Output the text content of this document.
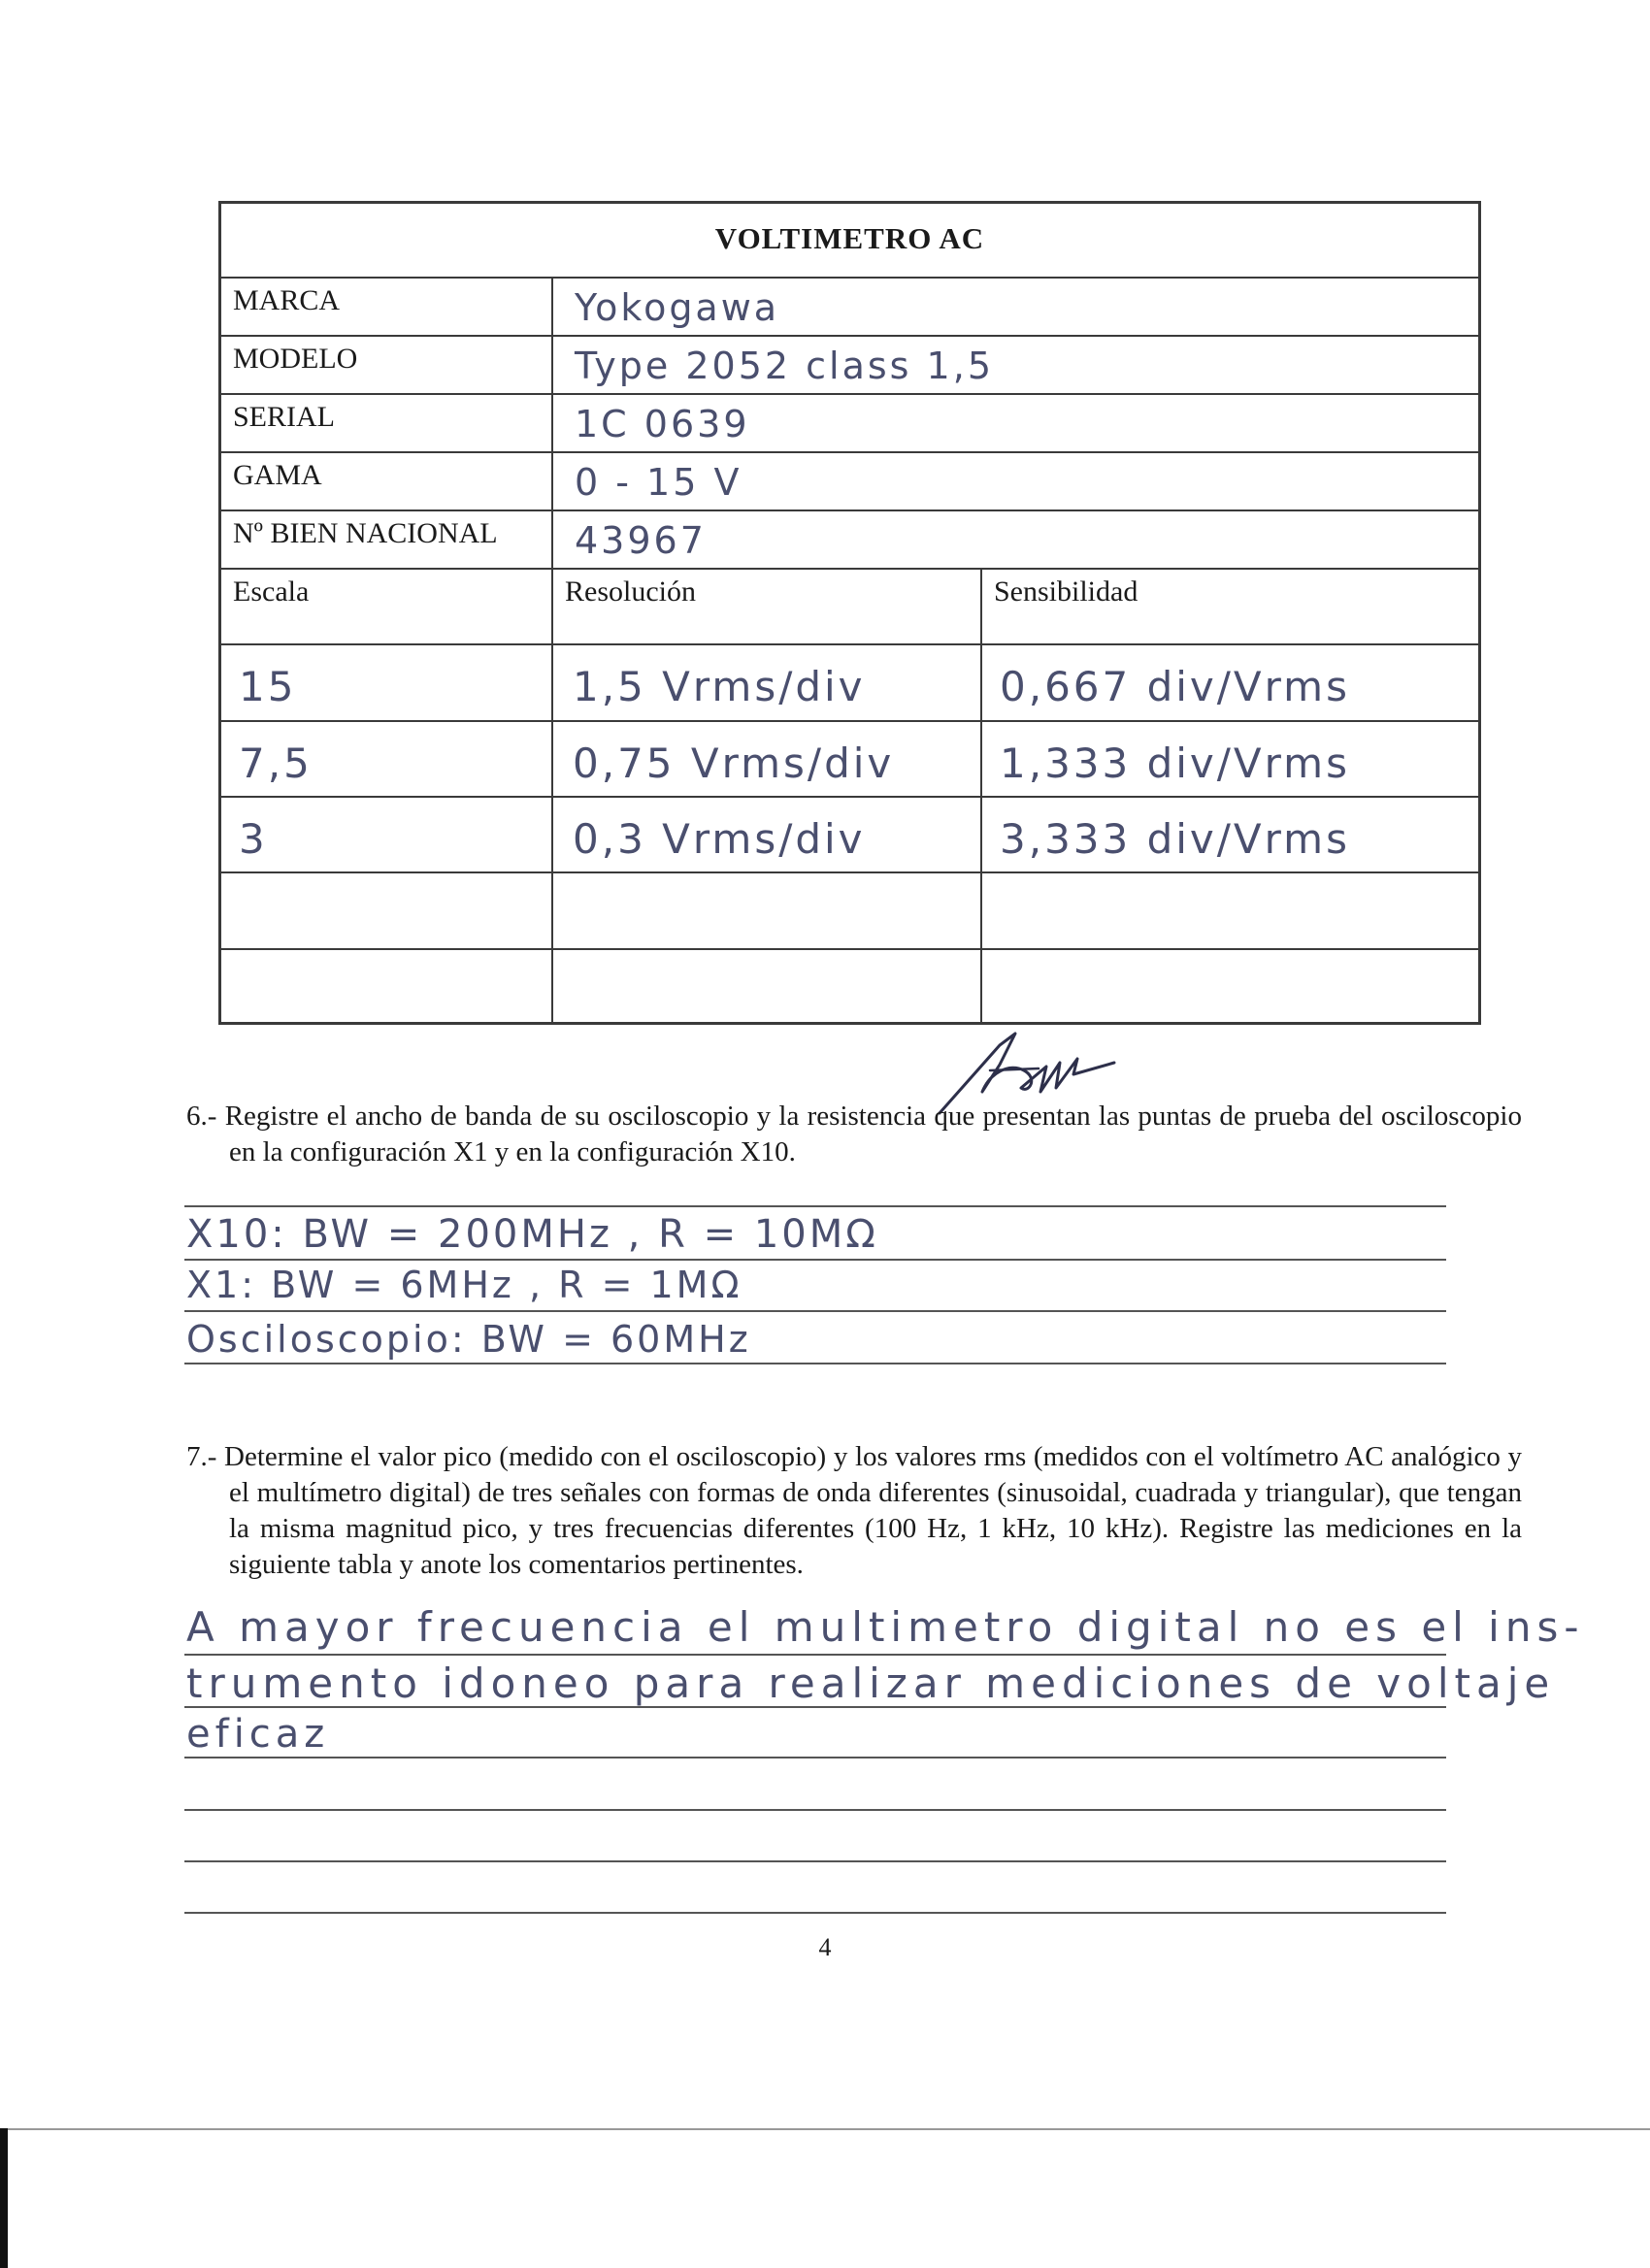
VOLTIMETRO AC
MARCA	Yokogawa
MODELO	Type 2052 class 1,5
SERIAL	1C 0639
GAMA	0 - 15 V
Nº BIEN NACIONAL 43967
Escala	Resolución	Sensibilidad
15	1,5 Vrms/div	0,667 div/Vrms
7,5	0,75 Vrms/div	1,333 div/Vrms
3	0,3 Vrms/div	3,333 div/Vrms
6.- Registre el ancho de banda de su osciloscopio y la resistencia que presentan las puntas de prueba del osciloscopio en la configuración X1 y en la configuración X10.
X10: BW = 200MHz , R = 10MΩ
X1: BW = 6MHz , R = 1MΩ
Osciloscopio: BW = 60MHz
7.- Determine el valor pico (medido con el osciloscopio) y los valores rms (medidos con el voltímetro AC analógico y el multímetro digital) de tres señales con formas de onda diferentes (sinusoidal, cuadrada y triangular), que tengan la misma magnitud pico, y tres frecuencias diferentes (100 Hz, 1 kHz, 10 kHz). Registre las mediciones en la siguiente tabla y anote los comentarios pertinentes.
A mayor frecuencia el multimetro digital no es el ins-
trumento idoneo para realizar mediciones de voltaje
eficaz
4
